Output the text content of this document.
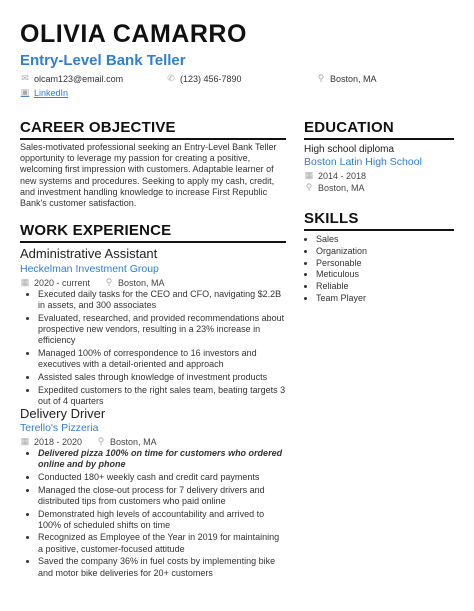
OLIVIA CAMARRO
Entry-Level Bank Teller
✉ olcam123@email.com	✆ (123) 456-7890	⚲ Boston, MA
▣ LinkedIn
CAREER OBJECTIVE
Sales-motivated professional seeking an Entry-Level Bank Teller opportunity to leverage my passion for creating a positive, welcoming first impression with customers. Adaptable learner of new systems and procedures. Seeking to apply my cash, credit, and investment handling knowledge to increase First Republic Bank's customer satisfaction.
WORK EXPERIENCE
Administrative Assistant
Heckelman Investment Group
▦ 2020 - current ⚲ Boston, MA
• Executed daily tasks for the CEO and CFO, navigating $2.2B in assets, and 300 associates
• Evaluated, researched, and provided recommendations about prospective new vendors, resulting in a 23% increase in efficiency
• Managed 100% of correspondence to 16 investors and executives with a detail-oriented and approach
• Assisted sales through knowledge of investment products
• Expedited customers to the right sales team, beating targets 3 out of 4 quarters
Delivery Driver
Terello's Pizzeria
▦ 2018 - 2020 ⚲ Boston, MA
• Delivered pizza 100% on time for customers who ordered online and by phone
• Conducted 180+ weekly cash and credit card payments
• Managed the close-out process for 7 delivery drivers and distributed tips from customers who paid online
• Demonstrated high levels of accountability and arrived to 100% of scheduled shifts on time
• Recognized as Employee of the Year in 2019 for maintaining a positive, customer-focused attitude
• Saved the company 36% in fuel costs by implementing bike and motor bike deliveries for 20+ customers
EDUCATION
High school diploma
Boston Latin High School
▦ 2014 - 2018
⚲ Boston, MA
SKILLS
• Sales
• Organization
• Personable
• Meticulous
• Reliable
• Team Player
